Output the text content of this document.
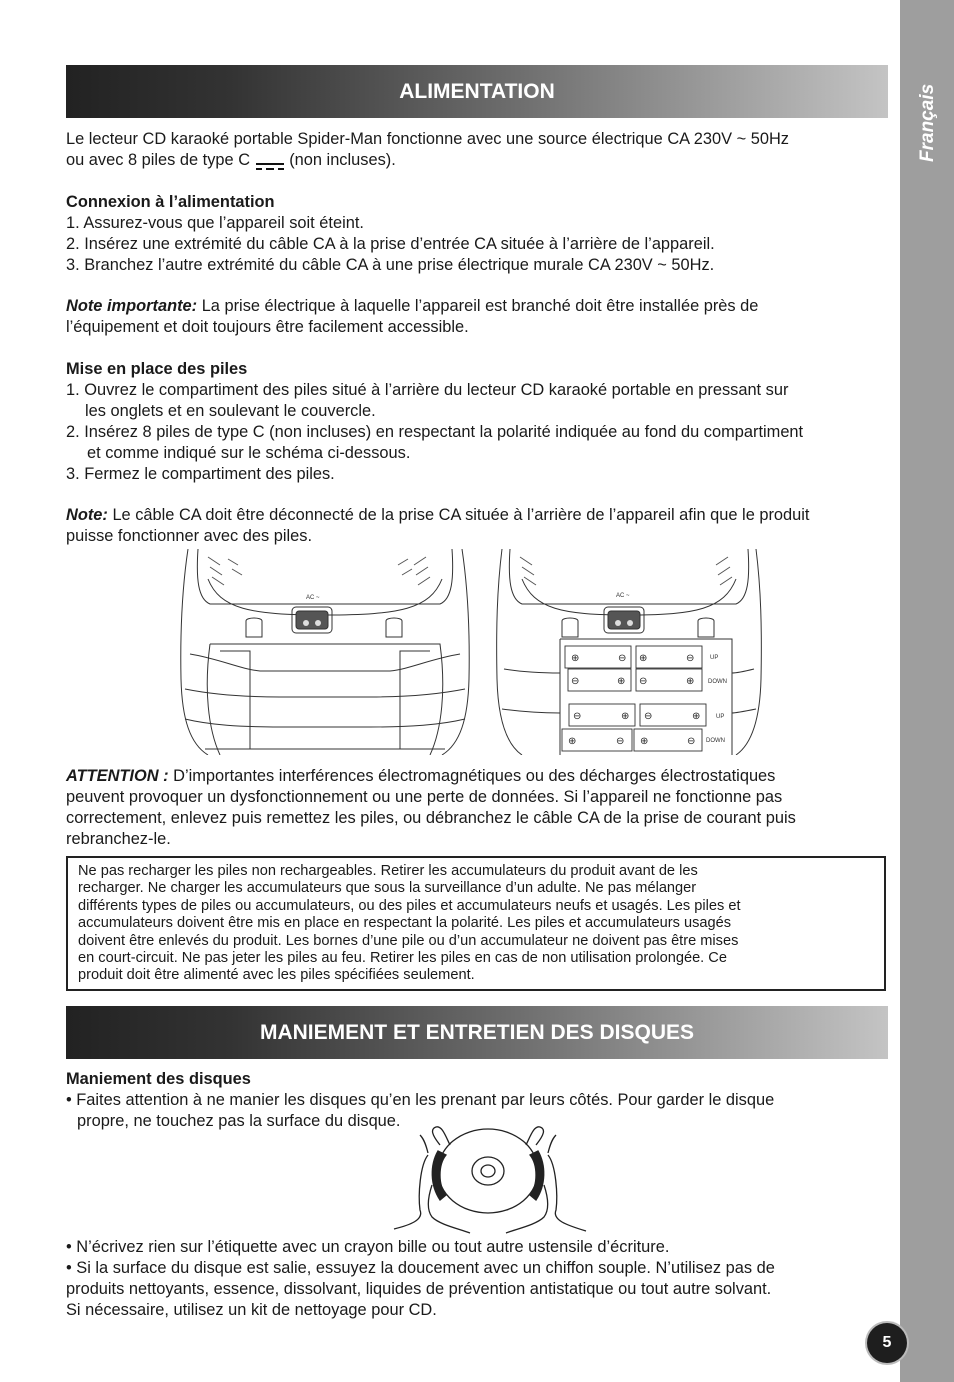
Français
ALIMENTATION
Le lecteur CD karaoké portable Spider-Man fonctionne avec une source électrique CA 230V ~ 50Hz
ou avec 8 piles de type C (non incluses).
Connexion à l’alimentation
1. Assurez-vous que l’appareil soit éteint.
2. Insérez une extrémité du câble CA à la prise d’entrée CA située à l’arrière de l’appareil.
3. Branchez l’autre extrémité du câble CA à une prise électrique murale CA 230V ~ 50Hz.
Note importante: La prise électrique à laquelle l’appareil est branché doit être installée près de
l’équipement et doit toujours être facilement accessible.
Mise en place des piles
1. Ouvrez le compartiment des piles situé à l’arrière du lecteur CD karaoké portable en pressant sur
les onglets et en soulevant le couvercle.
2. Insérez 8 piles de type C (non incluses) en respectant la polarité indiquée au fond du compartiment
et comme indiqué sur le schéma ci-dessous.
3. Fermez le compartiment des piles.
Note: Le câble CA doit être déconnecté de la prise CA située à l’arrière de l’appareil afin que le produit
puisse fonctionner avec des piles.
AC ~
⊕	⊖ ⊕	⊖
⊖	⊕ ⊖	⊕
⊖	⊕ ⊖	⊕
⊕	⊖ ⊕	⊖
AC ~
UP
DOWN
UP
DOWN
ATTENTION : D’importantes interférences électromagnétiques ou des décharges électrostatiques
peuvent provoquer un dysfonctionnement ou une perte de données. Si l’appareil ne fonctionne pas
correctement, enlevez puis remettez les piles, ou débranchez le câble CA de la prise de courant puis
rebranchez-le.
Ne pas recharger les piles non rechargeables. Retirer les accumulateurs du produit avant de les
recharger. Ne charger les accumulateurs que sous la surveillance d’un adulte. Ne pas mélanger
différents types de piles ou accumulateurs, ou des piles et accumulateurs neufs et usagés. Les piles et
accumulateurs doivent être mis en place en respectant la polarité. Les piles et accumulateurs usagés
doivent être enlevés du produit. Les bornes d’une pile ou d’un accumulateur ne doivent pas être mises
en court-circuit. Ne pas jeter les piles au feu. Retirer les piles en cas de non utilisation prolongée. Ce
produit doit être alimenté avec les piles spécifiées seulement.
MANIEMENT ET ENTRETIEN DES DISQUES
Maniement des disques
• Faites attention à ne manier les disques qu’en les prenant par leurs côtés. Pour garder le disque
propre, ne touchez pas la surface du disque.
• N’écrivez rien sur l’étiquette avec un crayon bille ou tout autre ustensile d’écriture.
• Si la surface du disque est salie, essuyez la doucement avec un chiffon souple. N’utilisez pas de
produits nettoyants, essence, dissolvant, liquides de prévention antistatique ou tout autre solvant.
Si nécessaire, utilisez un kit de nettoyage pour CD.
5
